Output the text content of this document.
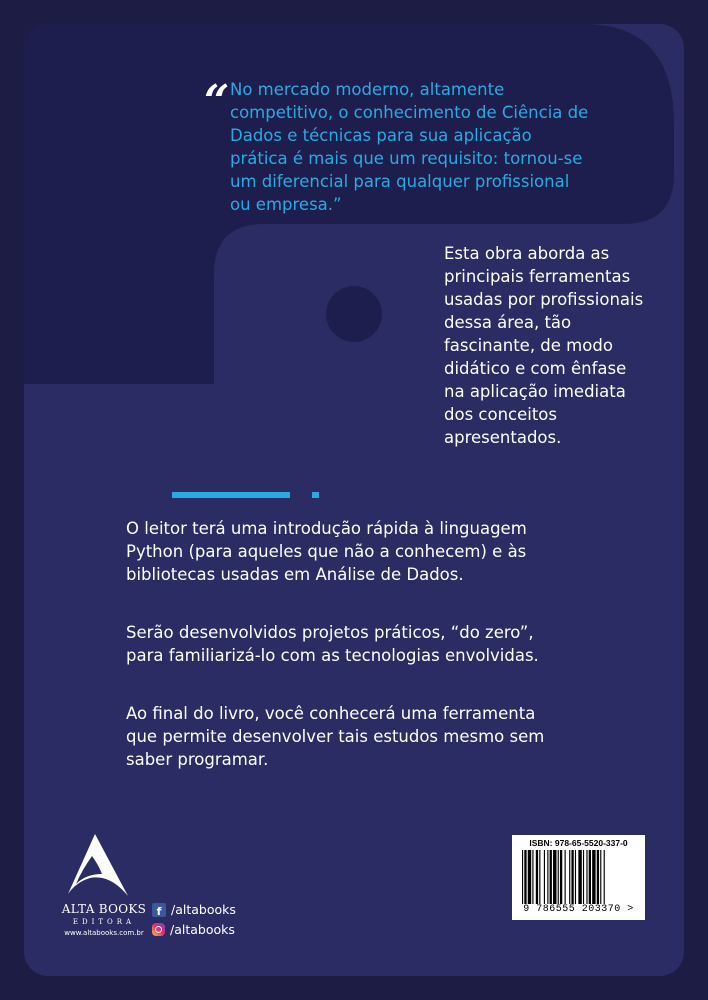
“ No mercado moderno, altamente competitivo, o conhecimento de Ciência de Dados e técnicas para sua aplicação prática é mais que um requisito: tornou-se um diferencial para qualquer profissional ou empresa.”

Esta obra aborda as principais ferramentas usadas por profissionais dessa área, tão fascinante, de modo didático e com ênfase na aplicação imediata dos conceitos apresentados.

O leitor terá uma introdução rápida à linguagem Python (para aqueles que não a conhecem) e às bibliotecas usadas em Análise de Dados.

Serão desenvolvidos projetos práticos, “do zero”, para familiarizá-lo com as tecnologias envolvidas.

Ao final do livro, você conhecerá uma ferramenta que permite desenvolver tais estudos mesmo sem saber programar.

ALTA BOOKS
EDITORA
www.altabooks.com.br
f /altabooks
/altabooks
ISBN: 978-65-5520-337-0
9 786555 203370 >
